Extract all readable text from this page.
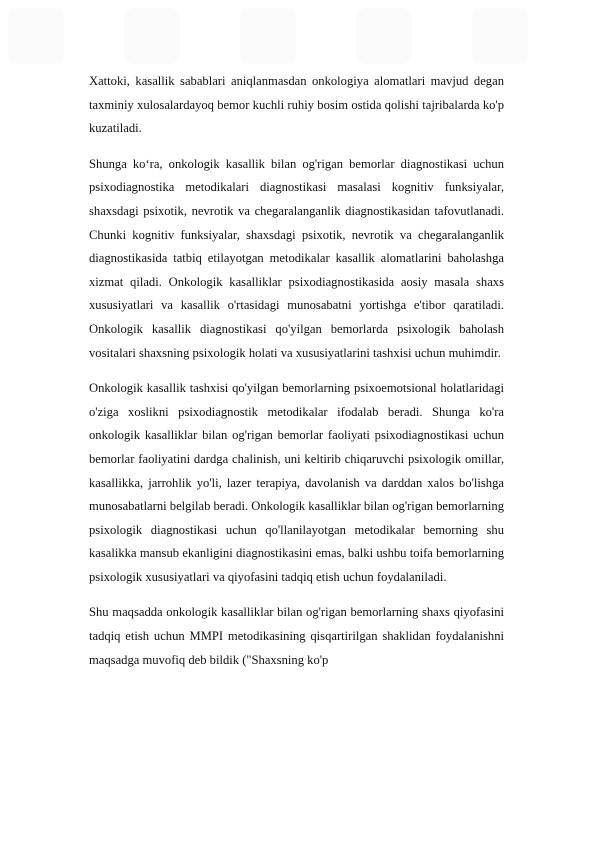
Xattoki, kasallik sabablari aniqlanmasdan onkologiya alomatlari mavjud degan taxminiy xulosalardayoq bemor kuchli ruhiy bosim ostida qolishi tajribalarda ko'p kuzatiladi.

Shunga ko‘ra, onkologik kasallik bilan og'rigan bemorlar diagnostikasi uchun psixodiagnostika metodikalari diagnostikasi masalasi kognitiv funksiyalar, shaxsdagi psixotik, nevrotik va chegaralanganlik diagnostikasidan tafovutlanadi. Chunki kognitiv funksiyalar, shaxsdagi psixotik, nevrotik va chegaralanganlik diagnostikasida tatbiq etilayotgan metodikalar kasallik alomatlarini baholashga xizmat qiladi. Onkologik kasalliklar psixodiagnostikasida aosiy masala shaxs xususiyatlari va kasallik o'rtasidagi munosabatni yortishga e'tibor qaratiladi. Onkologik kasallik diagnostikasi qo'yilgan bemorlarda psixologik baholash vositalari shaxsning psixologik holati va xususiyatlarini tashxisi uchun muhimdir.

Onkologik kasallik tashxisi qo'yilgan bemorlarning psixoemotsional holatlaridagi o'ziga xoslikni psixodiagnostik metodikalar ifodalab beradi. Shunga ko'ra onkologik kasalliklar bilan og'rigan bemorlar faoliyati psixodiagnostikasi uchun bemorlar faoliyatini dardga chalinish, uni keltirib chiqaruvchi psixologik omillar, kasallikka, jarrohlik yo'li, lazer terapiya, davolanish va darddan xalos bo'lishga munosabatlarni belgilab beradi. Onkologik kasalliklar bilan og'rigan bemorlarning psixologik diagnostikasi uchun qo'llanilayotgan metodikalar bemorning shu kasalikka mansub ekanligini diagnostikasini emas, balki ushbu toifa bemorlarning psixologik xususiyatlari va qiyofasini tadqiq etish uchun foydalaniladi.

Shu maqsadda onkologik kasalliklar bilan og'rigan bemorlarning shaxs qiyofasini tadqiq etish uchun MMPI metodikasining qisqartirilgan shaklidan foydalanishni maqsadga muvofiq deb bildik ("Shaxsning ko'p
